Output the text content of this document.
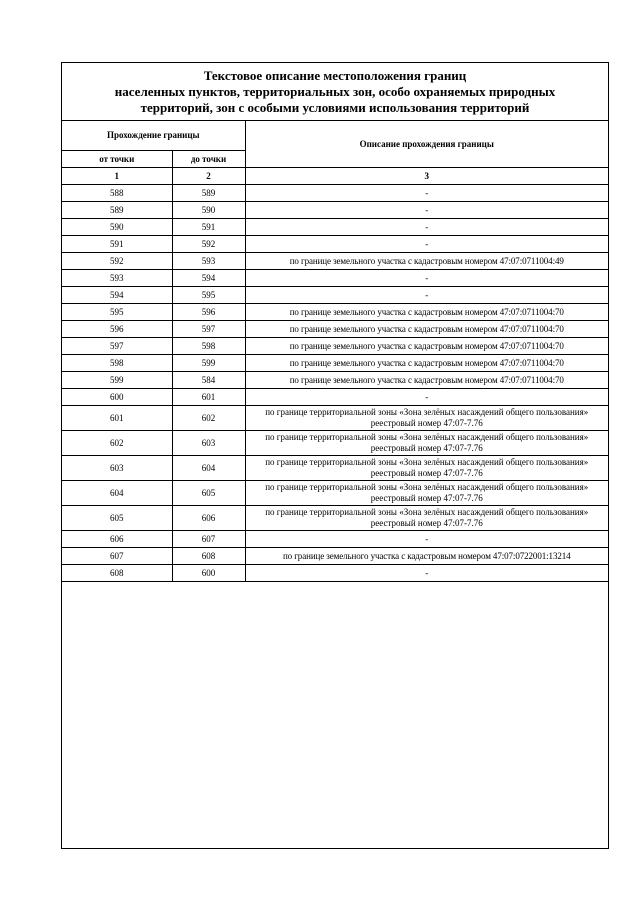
Текстовое описание местоположения границ
населенных пунктов, территориальных зон, особо охраняемых природных
территорий, зон с особыми условиями использования территорий
Прохождение границы		Описание прохождения границы
от точки	до точки	
1	2	3
588	589	-
589	590	-
590	591	-
591	592	-
592	593	по границе земельного участка с кадастровым номером 47:07:0711004:49
593	594	-
594	595	-
595	596	по границе земельного участка с кадастровым номером 47:07:0711004:70
596	597	по границе земельного участка с кадастровым номером 47:07:0711004:70
597	598	по границе земельного участка с кадастровым номером 47:07:0711004:70
598	599	по границе земельного участка с кадастровым номером 47:07:0711004:70
599	584	по границе земельного участка с кадастровым номером 47:07:0711004:70
600	601	-
601	602	по границе территориальной зоны «Зона зелёных насаждений общего пользования» реестровый номер 47:07-7.76
602	603	по границе территориальной зоны «Зона зелёных насаждений общего пользования» реестровый номер 47:07-7.76
603	604	по границе территориальной зоны «Зона зелёных насаждений общего пользования» реестровый номер 47:07-7.76
604	605	по границе территориальной зоны «Зона зелёных насаждений общего пользования» реестровый номер 47:07-7.76
605	606	по границе территориальной зоны «Зона зелёных насаждений общего пользования» реестровый номер 47:07-7.76
606	607	-
607	608	по границе земельного участка с кадастровым номером 47:07:0722001:13214
608	600	-
